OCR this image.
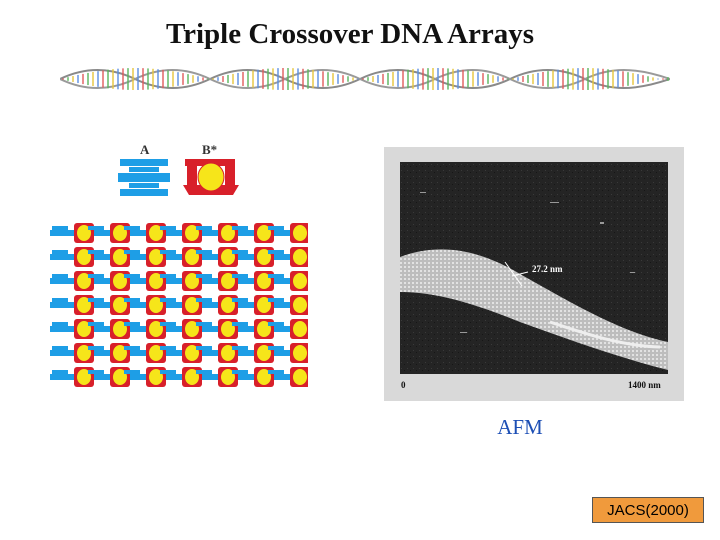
Triple Crossover DNA Arrays
A	B*
27.2 nm
0	1400 nm
AFM
JACS(2000)
